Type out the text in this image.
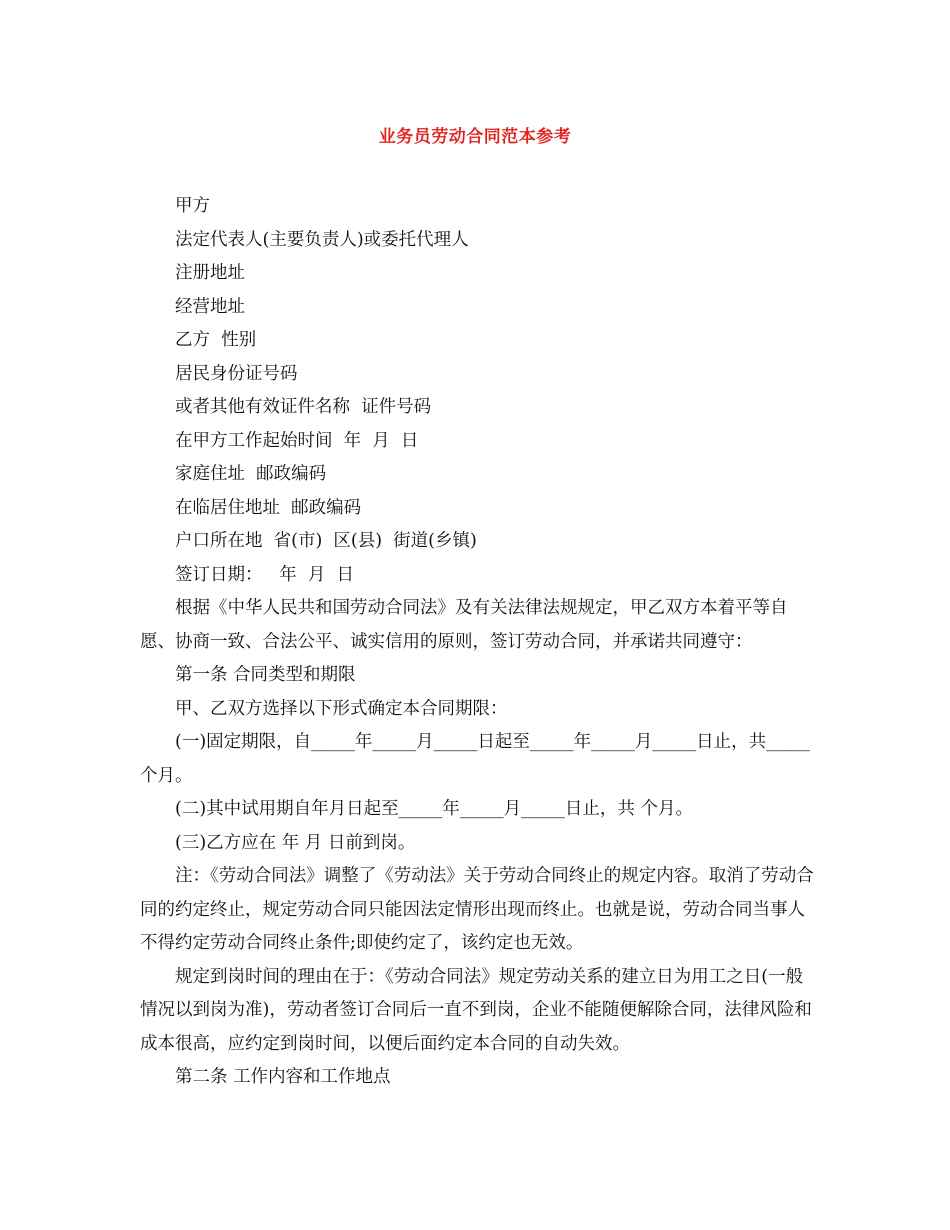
业务员劳动合同范本参考

甲方

法定代表人(主要负责人)或委托代理人

注册地址

经营地址

乙方  性别

居民身份证号码

或者其他有效证件名称  证件号码

在甲方工作起始时间  年  月  日

家庭住址  邮政编码

在临居住地址  邮政编码

户口所在地  省(市)  区(县)  街道(乡镇)

签订日期：   年  月  日

根据《中华人民共和国劳动合同法》及有关法律法规规定，甲乙双方本着平等自愿、协商一致、合法公平、诚实信用的原则，签订劳动合同，并承诺共同遵守：

第一条 合同类型和期限

甲、乙双方选择以下形式确定本合同期限：

(一)固定期限，自_____年_____月_____日起至_____年_____月_____日止，共_____个月。

(二)其中试用期自年月日起至_____年_____月_____日止，共 个月。

(三)乙方应在 年 月 日前到岗。

注：《劳动合同法》调整了《劳动法》关于劳动合同终止的规定内容。取消了劳动合同的约定终止，规定劳动合同只能因法定情形出现而终止。也就是说，劳动合同当事人不得约定劳动合同终止条件;即使约定了，该约定也无效。

规定到岗时间的理由在于：《劳动合同法》规定劳动关系的建立日为用工之日(一般情况以到岗为准)，劳动者签订合同后一直不到岗，企业不能随便解除合同，法律风险和成本很高，应约定到岗时间，以便后面约定本合同的自动失效。

第二条 工作内容和工作地点
